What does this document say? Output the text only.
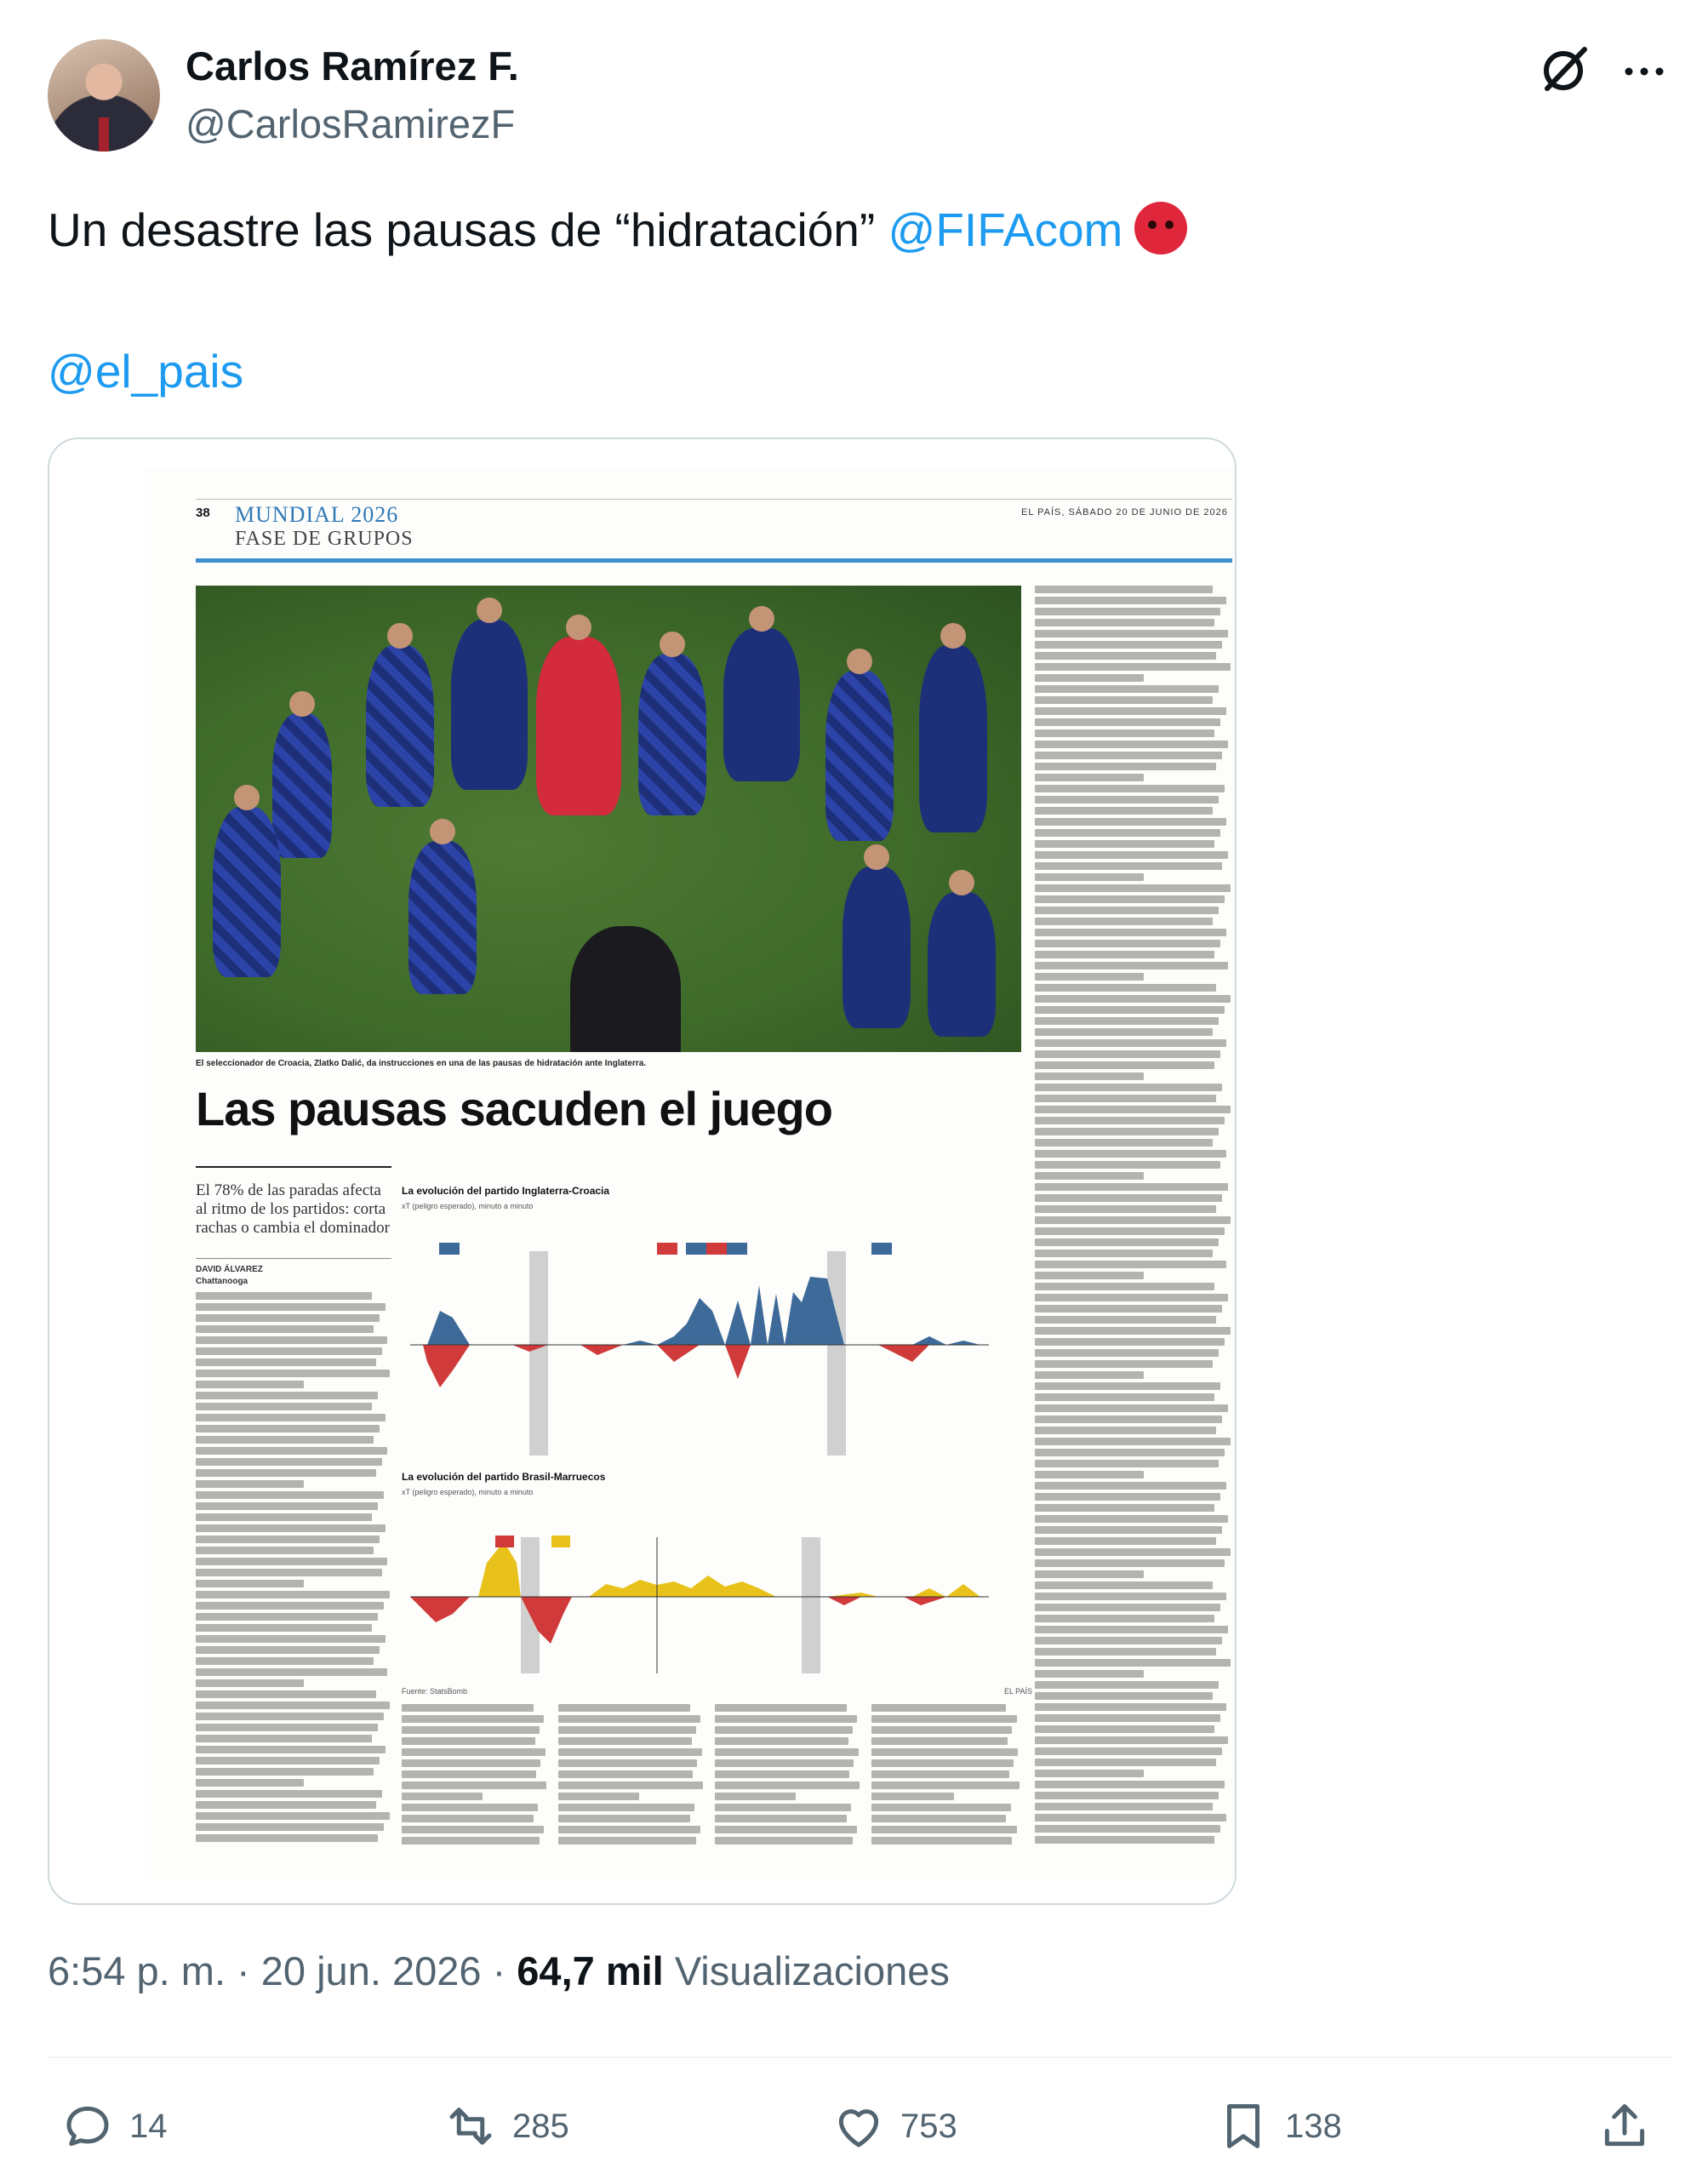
Carlos Ramírez F.
@CarlosRamirezF
Un desastre las pausas de “hidratación” @FIFAcom
@el_pais
38 MUNDIAL 2026
FASE DE GRUPOS
EL PAÍS, SÁBADO 20 DE JUNIO DE 2026
El seleccionador de Croacia, Zlatko Dalić, da instrucciones en una de las pausas de hidratación ante Inglaterra.
Las pausas sacuden el juego
El 78% de las paradas afecta al ritmo de los partidos: corta rachas o cambia el dominador
DAVID ÁLVAREZ
Chattanooga
La evolución del partido Inglaterra-Croacia
xT (peligro esperado), minuto a minuto
La evolución del partido Brasil-Marruecos
xT (peligro esperado), minuto a minuto
Fuente: StatsBomb	EL PAÍS
6:54 p. m. · 20 jun. 2026 · 64,7 mil Visualizaciones
14	285	753	138
